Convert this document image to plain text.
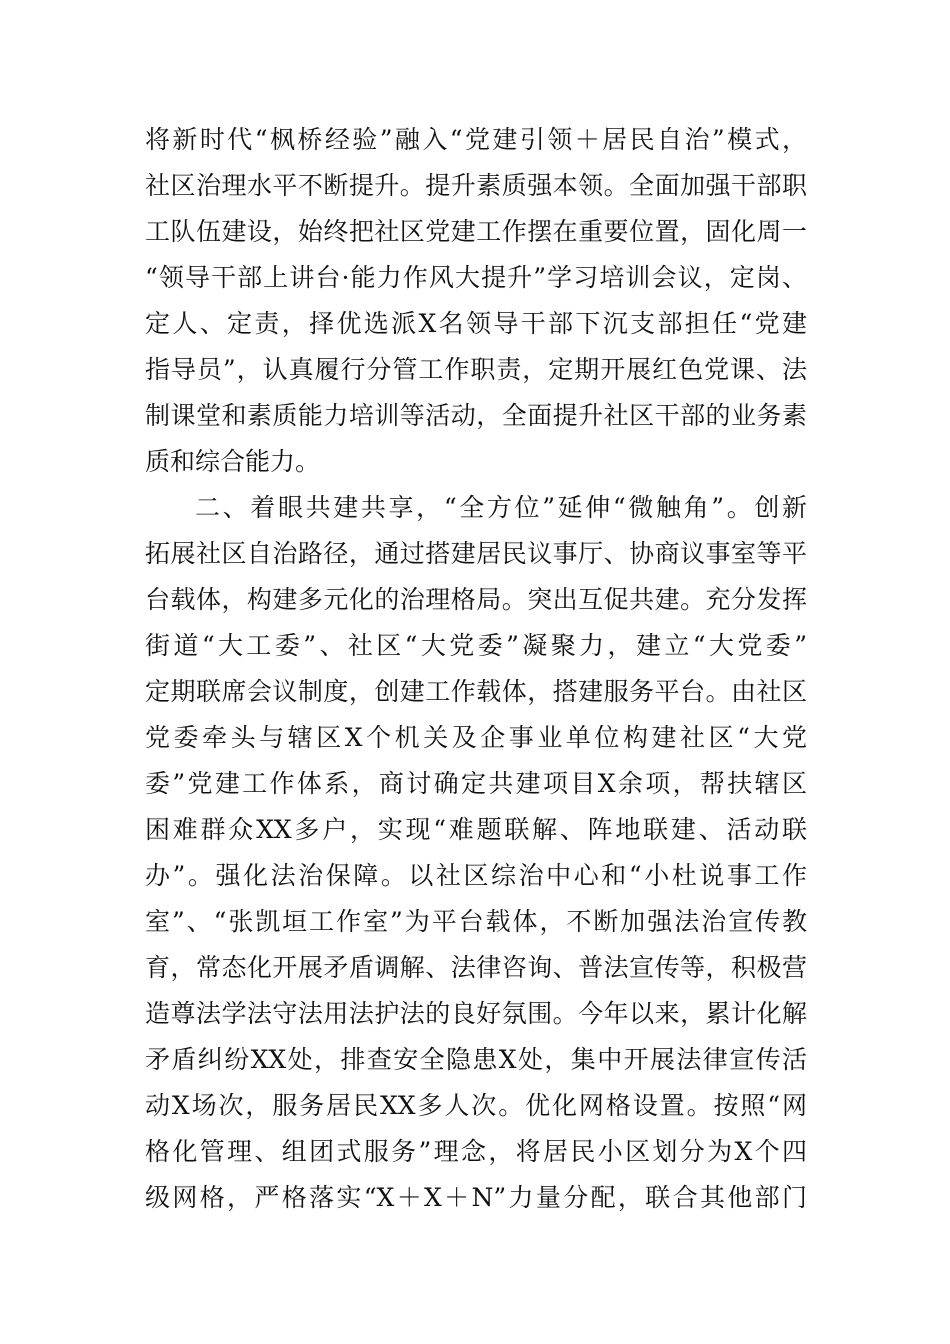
将新时代“枫桥经验”融入“党建引领＋居民自治”模式，
社区治理水平不断提升。提升素质强本领。全面加强干部职
工队伍建设，始终把社区党建工作摆在重要位置，固化周一
“领导干部上讲台·能力作风大提升”学习培训会议，定岗、
定人、定责，择优选派X名领导干部下沉支部担任“党建
指导员”，认真履行分管工作职责，定期开展红色党课、法
制课堂和素质能力培训等活动，全面提升社区干部的业务素
质和综合能力。
二、着眼共建共享，“全方位”延伸“微触角”。创新
拓展社区自治路径，通过搭建居民议事厅、协商议事室等平
台载体，构建多元化的治理格局。突出互促共建。充分发挥
街道“大工委”、社区“大党委”凝聚力，建立“大党委”
定期联席会议制度，创建工作载体，搭建服务平台。由社区
党委牵头与辖区X个机关及企事业单位构建社区“大党
委”党建工作体系，商讨确定共建项目X余项，帮扶辖区
困难群众XX多户，实现“难题联解、阵地联建、活动联
办”。强化法治保障。以社区综治中心和“小杜说事工作
室”、“张凯垣工作室”为平台载体，不断加强法治宣传教
育，常态化开展矛盾调解、法律咨询、普法宣传等，积极营
造尊法学法守法用法护法的良好氛围。今年以来，累计化解
矛盾纠纷XX处，排查安全隐患X处，集中开展法律宣传活
动X场次，服务居民XX多人次。优化网格设置。按照“网
格化管理、组团式服务”理念，将居民小区划分为X个四
级网格，严格落实“X＋X＋N”力量分配，联合其他部门
